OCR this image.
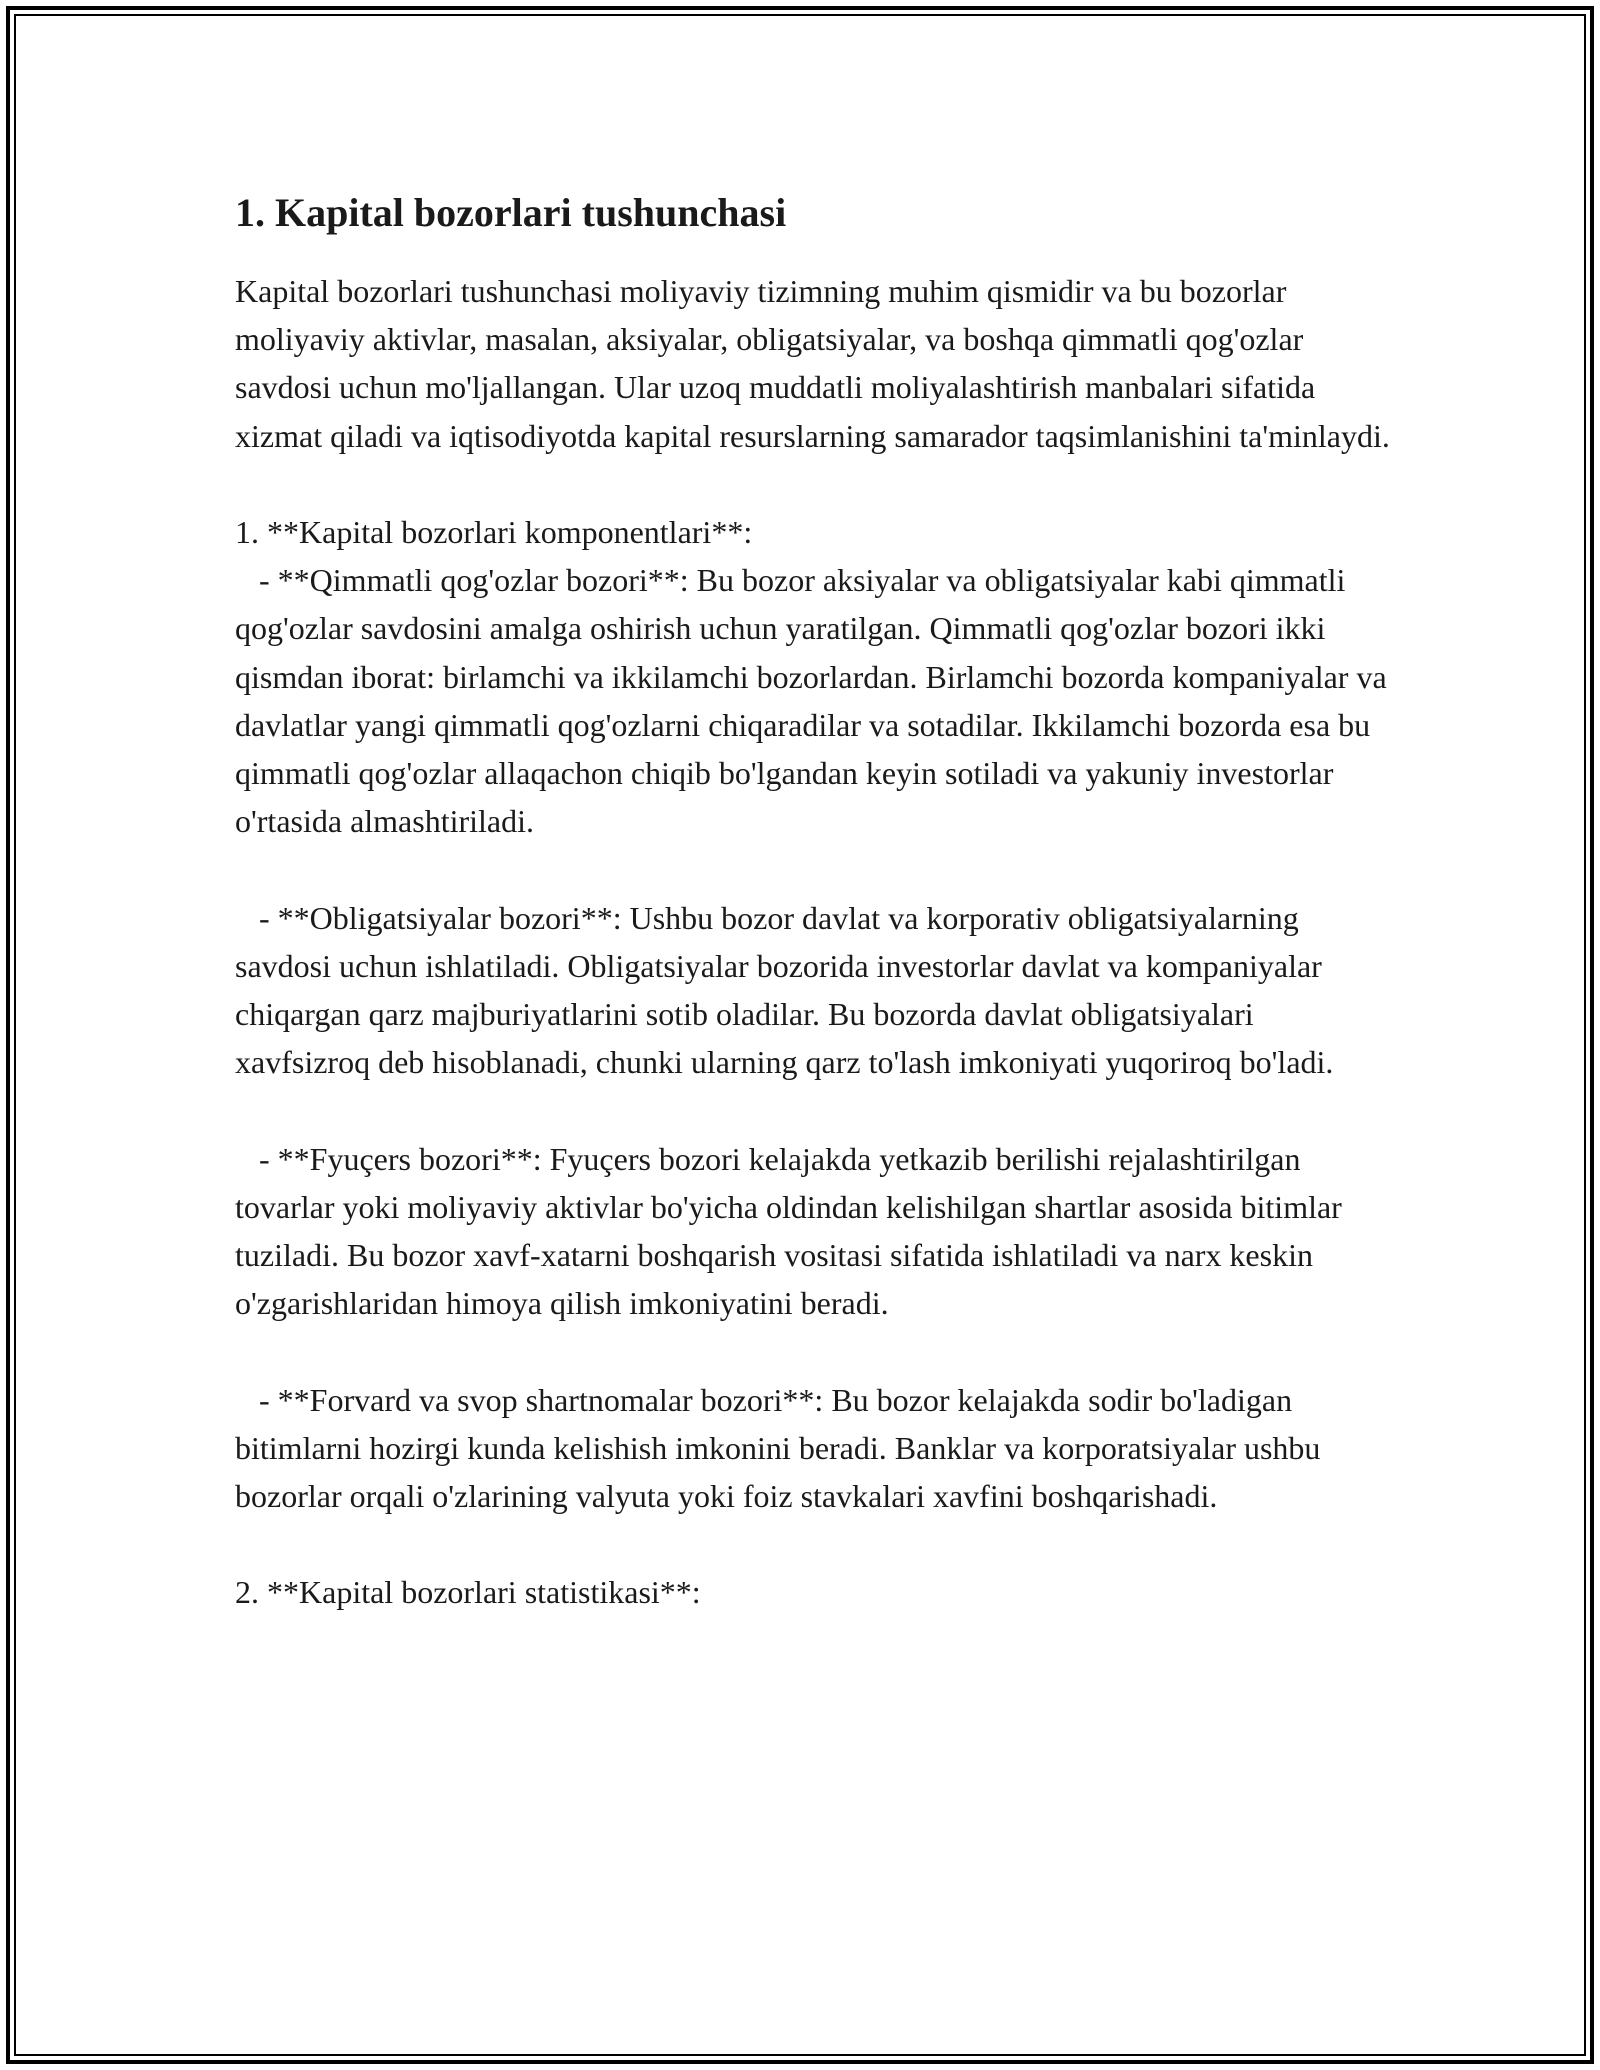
1. Kapital bozorlari tushunchasi

Kapital bozorlari tushunchasi moliyaviy tizimning muhim qismidir va bu bozorlar moliyaviy aktivlar, masalan, aksiyalar, obligatsiyalar, va boshqa qimmatli qog'ozlar savdosi uchun mo'ljallangan. Ular uzoq muddatli moliyalashtirish manbalari sifatida xizmat qiladi va iqtisodiyotda kapital resurslarning samarador taqsimlanishini ta'minlaydi.

1. **Kapital bozorlari komponentlari**:
- **Qimmatli qog'ozlar bozori**: Bu bozor aksiyalar va obligatsiyalar kabi qimmatli qog'ozlar savdosini amalga oshirish uchun yaratilgan. Qimmatli qog'ozlar bozori ikki qismdan iborat: birlamchi va ikkilamchi bozorlardan. Birlamchi bozorda kompaniyalar va davlatlar yangi qimmatli qog'ozlarni chiqaradilar va sotadilar. Ikkilamchi bozorda esa bu qimmatli qog'ozlar allaqachon chiqib bo'lgandan keyin sotiladi va yakuniy investorlar o'rtasida almashtiriladi.

- **Obligatsiyalar bozori**: Ushbu bozor davlat va korporativ obligatsiyalarning savdosi uchun ishlatiladi. Obligatsiyalar bozorida investorlar davlat va kompaniyalar chiqargan qarz majburiyatlarini sotib oladilar. Bu bozorda davlat obligatsiyalari xavfsizroq deb hisoblanadi, chunki ularning qarz to'lash imkoniyati yuqoriroq bo'ladi.

- **Fyuçers bozori**: Fyuçers bozori kelajakda yetkazib berilishi rejalashtirilgan tovarlar yoki moliyaviy aktivlar bo'yicha oldindan kelishilgan shartlar asosida bitimlar tuziladi. Bu bozor xavf-xatarni boshqarish vositasi sifatida ishlatiladi va narx keskin o'zgarishlaridan himoya qilish imkoniyatini beradi.

- **Forvard va svop shartnomalar bozori**: Bu bozor kelajakda sodir bo'ladigan bitimlarni hozirgi kunda kelishish imkonini beradi. Banklar va korporatsiyalar ushbu bozorlar orqali o'zlarining valyuta yoki foiz stavkalari xavfini boshqarishadi.

2. **Kapital bozorlari statistikasi**:
